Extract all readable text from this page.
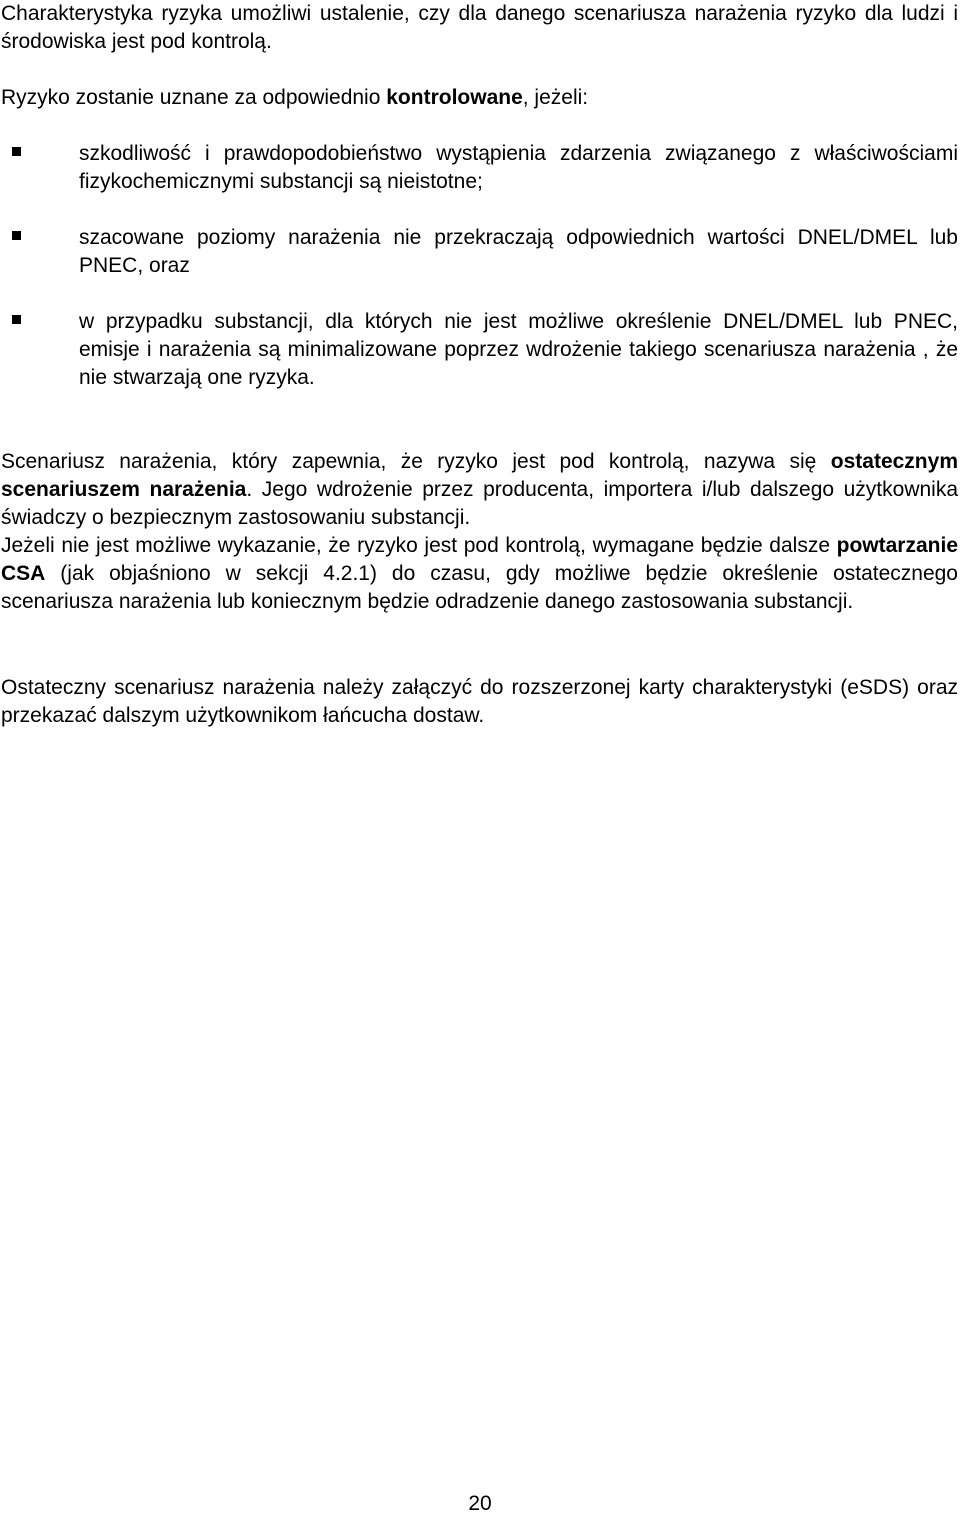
Charakterystyka ryzyka umożliwi ustalenie, czy dla danego scenariusza narażenia ryzyko dla ludzi i środowiska jest pod kontrolą.

Ryzyko zostanie uznane za odpowiednio kontrolowane, jeżeli:

szkodliwość i prawdopodobieństwo wystąpienia zdarzenia związanego z właściwościami fizykochemicznymi substancji są nieistotne;

szacowane poziomy narażenia nie przekraczają odpowiednich wartości DNEL/DMEL lub PNEC, oraz

w przypadku substancji, dla których nie jest możliwe określenie DNEL/DMEL lub PNEC, emisje i narażenia są minimalizowane poprzez wdrożenie takiego scenariusza narażenia , że nie stwarzają one ryzyka.

Scenariusz narażenia, który zapewnia, że ryzyko jest pod kontrolą, nazywa się ostatecznym scenariuszem narażenia. Jego wdrożenie przez producenta, importera i/lub dalszego użytkownika świadczy o bezpiecznym zastosowaniu substancji.

Jeżeli nie jest możliwe wykazanie, że ryzyko jest pod kontrolą, wymagane będzie dalsze powtarzanie CSA (jak objaśniono w sekcji 4.2.1) do czasu, gdy możliwe będzie określenie ostatecznego scenariusza narażenia lub koniecznym będzie odradzenie danego zastosowania substancji.

Ostateczny scenariusz narażenia należy załączyć do rozszerzonej karty charakterystyki (eSDS) oraz przekazać dalszym użytkownikom łańcucha dostaw.

20
